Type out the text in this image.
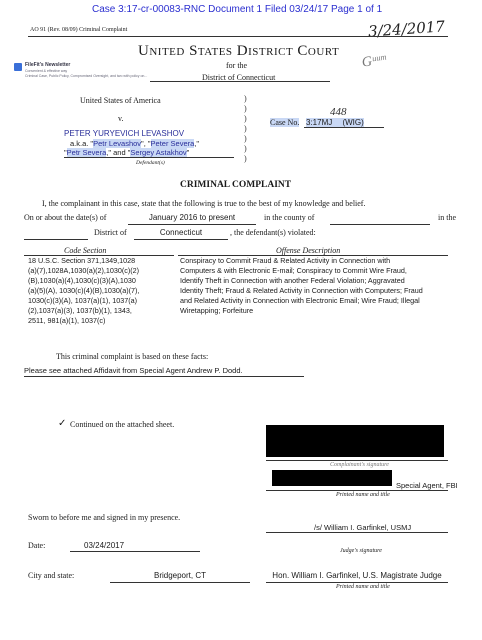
Case 3:17-cr-00083-RNC Document 1 Filed 03/24/17 Page 1 of 1
AO 91 (Rev. 08/09) Criminal Complaint	3/24/2017
United States District Court
Gᵘᵘᵐ
for the
District of Connecticut
FileFit's Newsletter
Convenient & effective way
Criminal Case, Public Policy, Compromised Oversight, and two with policy on...
United States of America
v.
PETER YURYEVICH LEVASHOV
a.k.a. "Petr Levashov", "Peter Severa,"
"Petr Severa," and "Sergey Astakhov"
Defendant(s)
)
)
)
)
)
)
)
Case No. 3:17MJ (WIG)
448
CRIMINAL COMPLAINT
I, the complainant in this case, state that the following is true to the best of my knowledge and belief.
On or about the date(s) of	January 2016 to present	in the county of	in the
District of	Connecticut	, the defendant(s) violated:
Code Section	Offense Description
18 U.S.C. Section 371,1349,1028
(a)(7),1028A,1030(a)(2),1030(c)(2)
(B),1030(a)(4),1030(c)(3)(A),1030
(a)(5)(A), 1030(c)(4)(B),1030(a)(7),
1030(c)(3)(A), 1037(a)(1), 1037(a)
(2),1037(a)(3), 1037(b)(1), 1343,
2511, 981(a)(1), 1037(c)
Conspiracy to Commit Fraud & Related Activity in Connection with
Computers & with Electronic E-mail; Conspiracy to Commit Wire Fraud,
Identify Theft in Connection with another Federal Violation; Aggravated
Identity Theft; Fraud & Related Activity in Connection with Computers; Fraud
and Related Activity in Connection with Electronic Email; Wire Fraud; Illegal
Wiretapping; Forfeiture
This criminal complaint is based on these facts:
Please see attached Affidavit from Special Agent Andrew P. Dodd.
✓ Continued on the attached sheet.
Complainant's signature
Special Agent, FBI
Printed name and title
Sworn to before me and signed in my presence.
/s/ William I. Garfinkel, USMJ
Date:	03/24/2017
Judge's signature
City and state:	Bridgeport, CT	Hon. William I. Garfinkel, U.S. Magistrate Judge
Printed name and title
